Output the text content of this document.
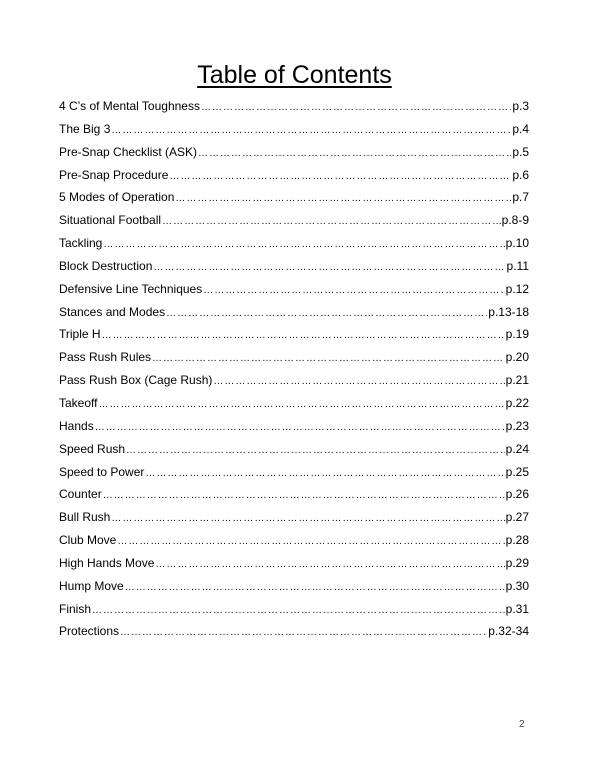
Table of Contents
4 C’s of Mental Toughness …………………………………………………………………………………………………………………………………………………………………………………………	p.3
The Big 3 …………………………………………………………………………………………………………………………………………………………………………………………	p.4
Pre-Snap Checklist (ASK) …………………………………………………………………………………………………………………………………………………………………………………………	p.5
Pre-Snap Procedure …………………………………………………………………………………………………………………………………………………………………………………………	p.6
5 Modes of Operation …………………………………………………………………………………………………………………………………………………………………………………………	p.7
Situational Football …………………………………………………………………………………………………………………………………………………………………………………………	p.8-9
Tackling …………………………………………………………………………………………………………………………………………………………………………………………	p.10
Block Destruction …………………………………………………………………………………………………………………………………………………………………………………………	p.11
Defensive Line Techniques …………………………………………………………………………………………………………………………………………………………………………………………	p.12
Stances and Modes …………………………………………………………………………………………………………………………………………………………………………………………	p.13-18
Triple H …………………………………………………………………………………………………………………………………………………………………………………………	p.19
Pass Rush Rules …………………………………………………………………………………………………………………………………………………………………………………………	p.20
Pass Rush Box (Cage Rush) …………………………………………………………………………………………………………………………………………………………………………………………	p.21
Takeoff …………………………………………………………………………………………………………………………………………………………………………………………	p.22
Hands …………………………………………………………………………………………………………………………………………………………………………………………	p.23
Speed Rush …………………………………………………………………………………………………………………………………………………………………………………………	p.24
Speed to Power …………………………………………………………………………………………………………………………………………………………………………………………	p.25
Counter …………………………………………………………………………………………………………………………………………………………………………………………	p.26
Bull Rush …………………………………………………………………………………………………………………………………………………………………………………………	p.27
Club Move …………………………………………………………………………………………………………………………………………………………………………………………	p.28
High Hands Move …………………………………………………………………………………………………………………………………………………………………………………………	p.29
Hump Move …………………………………………………………………………………………………………………………………………………………………………………………	p.30
Finish …………………………………………………………………………………………………………………………………………………………………………………………	p.31
Protections …………………………………………………………………………………………………………………………………………………………………………………………	p.32-34
2
